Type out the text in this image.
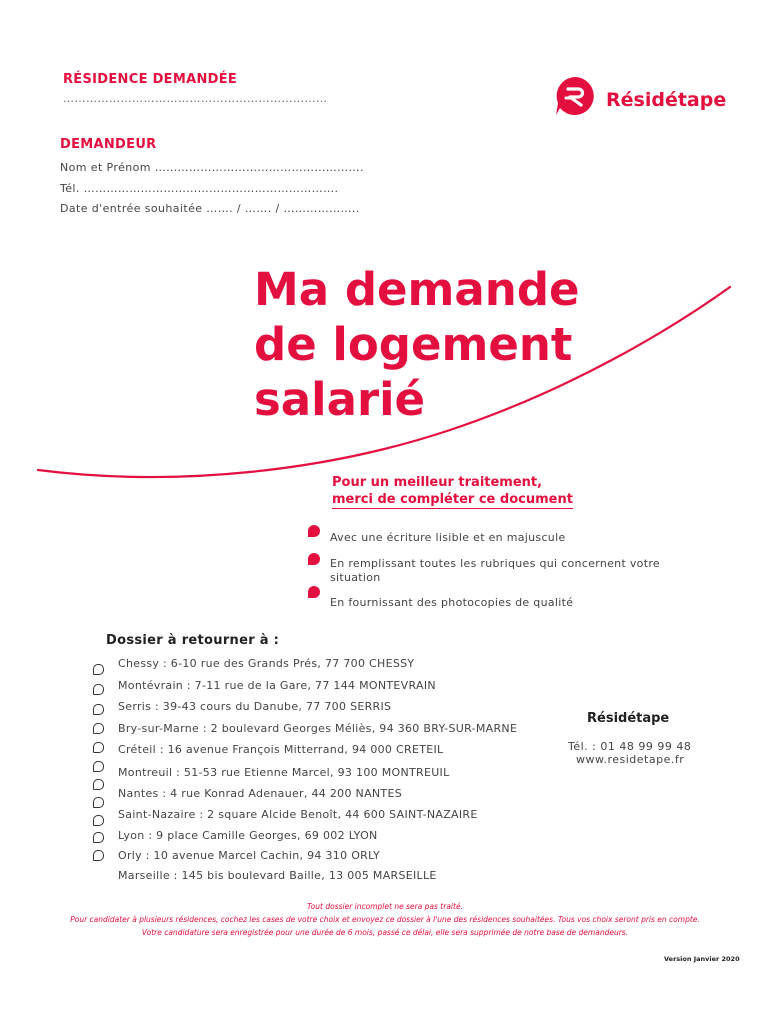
RÉSIDENCE DEMANDÉE
……………………………………………………………	Résidétape
DEMANDEUR
Nom et Prénom ……………………………………………….
Tél. ………………………………………………………….
Date d'entrée souhaitée ……. / ……. / ………………..
Ma demande
de logement
salarié
Pour un meilleur traitement,
merci de compléter ce document
Avec une écriture lisible et en majuscule
En remplissant toutes les rubriques qui concernent votre situation
En fournissant des photocopies de qualité
Dossier à retourner à :
Chessy : 6-10 rue des Grands Prés, 77 700 CHESSY
Montévrain : 7-11 rue de la Gare, 77 144 MONTEVRAIN
Serris : 39-43 cours du Danube, 77 700 SERRIS
Bry-sur-Marne : 2 boulevard Georges Méliès, 94 360 BRY-SUR-MARNE
Créteil : 16 avenue François Mitterrand, 94 000 CRETEIL
Montreuil : 51-53 rue Etienne Marcel, 93 100 MONTREUIL
Nantes : 4 rue Konrad Adenauer, 44 200 NANTES
Saint-Nazaire : 2 square Alcide Benoît, 44 600 SAINT-NAZAIRE
Lyon : 9 place Camille Georges, 69 002 LYON
Orly : 10 avenue Marcel Cachin, 94 310 ORLY
Marseille : 145 bis boulevard Baille, 13 005 MARSEILLE
Résidétape
Tél. : 01 48 99 99 48
www.residetape.fr
Tout dossier incomplet ne sera pas traité.
Pour candidater à plusieurs résidences, cochez les cases de votre choix et envoyez ce dossier à l'une des résidences souhaitées. Tous vos choix seront pris en compte.
Votre candidature sera enregistrée pour une durée de 6 mois, passé ce délai, elle sera supprimée de notre base de demandeurs.
Version Janvier 2020
